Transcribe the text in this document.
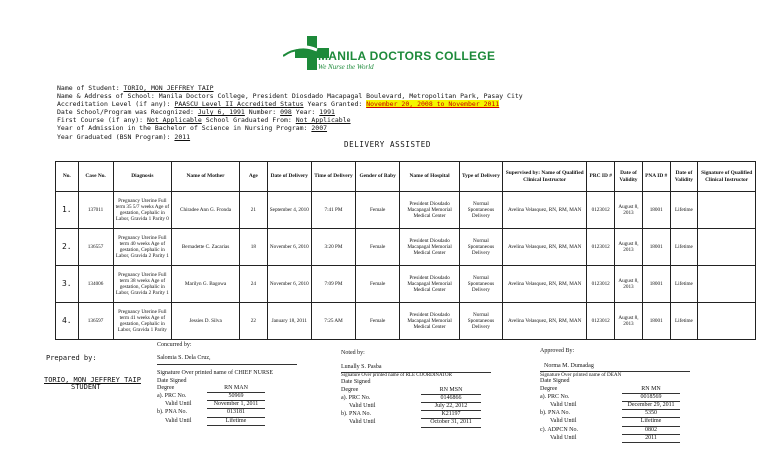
MANILA DOCTORS COLLEGE
We Nurse the World
Name of Student: TORIO, MON JEFFREY TAIP
Name & Address of School: Manila Doctors College, President Diosdado Macapagal Boulevard, Metropolitan Park, Pasay City
Accreditation Level (if any): PAASCU Level II Accredited Status Years Granted: November 20, 2008 to November 2011
Date School/Program was Recognized: July 6, 1991 Number: 098 Year: 1991
First Course (if any): Not Applicable School Graduated From: Not Applicable
Year of Admission in the Bachelor of Science in Nursing Program: 2007
Year Graduated (BSN Program): 2011
DELIVERY ASSISTED
No.	Case No.	Diagnosis	Name of Mother	Age	Date of Delivery	Time of Delivery	Gender of Baby	Name of Hospital	Type of Delivery	Supervised by: Name of Qualified Clinical Instructor	PRC ID #	Date of Validity	PNA ID #	Date of Validity	Signature of Qualified Clinical Instructor
1.	137011	Pregnancy Uterine Full term 35 5/7 weeks Age of gestation, Cephalic in Labor, Gravida 1 Parity 0	Chiradee Ann G. Fronda	21	September 4, 2010	7:41 PM	Female	President Diosdado Macapagal Memorial Medical Center	Normal Spontaneous Delivery	Avelina Velasquez, RN, RM, MAN	0123012	August 8, 2013	18001	Lifetime	
2.	136557	Pregnancy Uterine Full term 40 weeks Age of gestation, Cephalic in Labor, Gravida 2 Parity 1	Bernadette C. Zacarias	18	November 6, 2010	3:20 PM	Female	President Diosdado Macapagal Memorial Medical Center	Normal Spontaneous Delivery	Avelina Velasquez, RN, RM, MAN	0123012	August 8, 2013	18001	Lifetime	
3.	134006	Pregnancy Uterine Full term 38 weeks Age of gestation, Cephalic in Labor, Gravida 2 Parity 1	Marilyn G. Bagowa	24	November 6, 2010	7:09 PM	Female	President Diosdado Macapagal Memorial Medical Center	Normal Spontaneous Delivery	Avelina Velasquez, RN, RM, MAN	0123012	August 8, 2013	18001	Lifetime	
4.	136597	Pregnancy Uterine Full term 41 weeks Age of gestation, Cephalic in Labor, Gravida 1 Parity	Jessies D. Silva	22	January 18, 2011	7:25 AM	Female	President Diosdado Macapagal Memorial Medical Center	Normal Spontaneous Delivery	Avelina Velasquez, RN, RM, MAN	0123012	August 8, 2013	18001	Lifetime	
Prepared by:
TORIO, MON JEFFREY TAIP
STUDENT
Concurred by:
Salomia S. Dela Cruz,
Signature Over printed name of CHIEF NURSE
Date Signed
Degree	RN MAN
a). PRC No.	50969
Valid Until	November 1, 2011
b). PNA No.	013181
Valid Until	Lifetime
Noted by:
Lunally S. Pasba
Signature Over printed name of RLE COORDINATOR
Date Signed
Degree	RN MSN
a). PRC No.	0146866
Valid Until	July 22, 2012
b). PNA No.	K21197
Valid Until	October 31, 2011
Approved By:
Norma M. Dumadag
Signature Over printed name of DEAN
Date Signed
Degree	RN MN
a). PRC No.	0018569
Valid Until	December 29, 2011
b). PNA No.	5350
Valid Until	Lifetime
c). ADPCN No.	0802
Valid Until	2011
